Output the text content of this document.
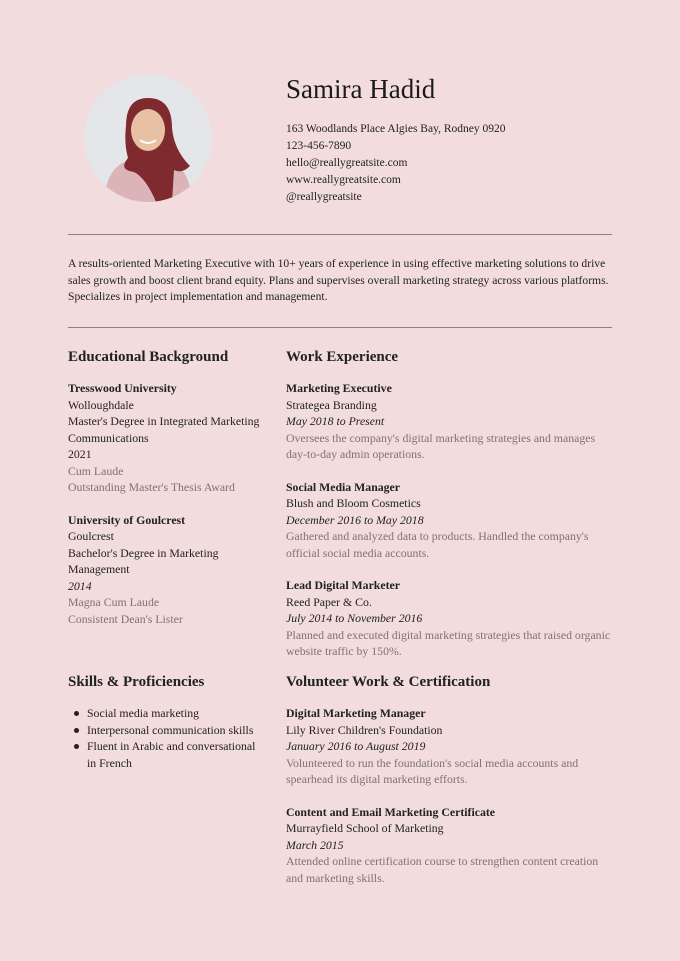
Samira Hadid
163 Woodlands Place Algies Bay, Rodney 0920
123-456-7890
hello@reallygreatsite.com
www.reallygreatsite.com
@reallygreatsite
A results-oriented Marketing Executive with 10+ years of experience in using effective marketing solutions to drive sales growth and boost client brand equity. Plans and supervises overall marketing strategy across various platforms. Specializes in project implementation and management.
Educational Background
Tresswood University
Wolloughdale
Master's Degree in Integrated Marketing Communications
2021
Cum Laude
Outstanding Master's Thesis Award
University of Goulcrest
Goulcrest
Bachelor's Degree in Marketing Management
2014
Magna Cum Laude
Consistent Dean's Lister
Skills & Proficiencies
Social media marketing
Interpersonal communication skills
Fluent in Arabic and conversational in French
Work Experience
Marketing Executive
Strategea Branding
May 2018 to Present
Oversees the company's digital marketing strategies and manages day-to-day admin operations.
Social Media Manager
Blush and Bloom Cosmetics
December 2016 to May 2018
Gathered and analyzed data to products. Handled the company's official social media accounts.
Lead Digital Marketer
Reed Paper & Co.
July 2014 to November 2016
Planned and executed digital marketing strategies that raised organic website traffic by 150%.
Volunteer Work & Certification
Digital Marketing Manager
Lily River Children's Foundation
January 2016 to August 2019
Volunteered to run the foundation's social media accounts and spearhead its digital marketing efforts.
Content and Email Marketing Certificate
Murrayfield School of Marketing
March 2015
Attended online certification course to strengthen content creation and marketing skills.
